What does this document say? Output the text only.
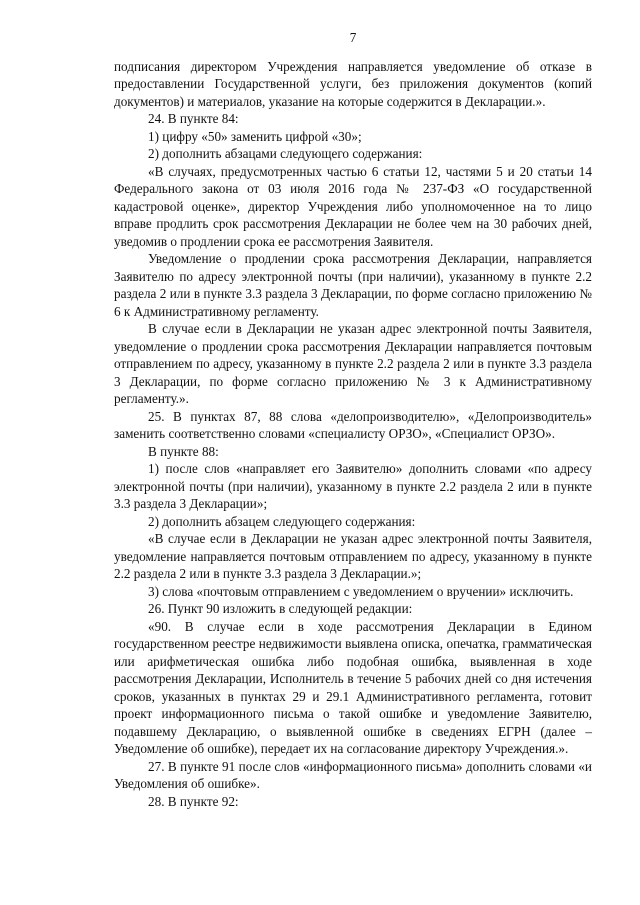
7

подписания директором Учреждения направляется уведомление об отказе в предоставлении Государственной услуги, без приложения документов (копий документов) и материалов, указание на которые содержится в Декларации.».

24. В пункте 84:

1) цифру «50» заменить цифрой «30»;

2) дополнить абзацами следующего содержания:

«В случаях, предусмотренных частью 6 статьи 12, частями 5 и 20 статьи 14 Федерального закона от 03 июля 2016 года № 237-ФЗ «О государственной кадастровой оценке», директор Учреждения либо уполномоченное на то лицо вправе продлить срок рассмотрения Декларации не более чем на 30 рабочих дней, уведомив о продлении срока ее рассмотрения Заявителя.

Уведомление о продлении срока рассмотрения Декларации, направляется Заявителю по адресу электронной почты (при наличии), указанному в пункте 2.2 раздела 2 или в пункте 3.3 раздела 3 Декларации, по форме согласно приложению № 6 к Административному регламенту.

В случае если в Декларации не указан адрес электронной почты Заявителя, уведомление о продлении срока рассмотрения Декларации направляется почтовым отправлением по адресу, указанному в пункте 2.2 раздела 2 или в пункте 3.3 раздела 3 Декларации, по форме согласно приложению № 3 к Административному регламенту.».

25. В пунктах 87, 88 слова «делопроизводителю», «Делопроизводитель» заменить соответственно словами «специалисту ОРЗО», «Специалист ОРЗО».

В пункте 88:

1) после слов «направляет его Заявителю» дополнить словами «по адресу электронной почты (при наличии), указанному в пункте 2.2 раздела 2 или в пункте 3.3 раздела 3 Декларации»;

2) дополнить абзацем следующего содержания:

«В случае если в Декларации не указан адрес электронной почты Заявителя, уведомление направляется почтовым отправлением по адресу, указанному в пункте 2.2 раздела 2 или в пункте 3.3 раздела 3 Декларации.»;

3) слова «почтовым отправлением с уведомлением о вручении» исключить.

26. Пункт 90 изложить в следующей редакции:

«90. В случае если в ходе рассмотрения Декларации в Едином государственном реестре недвижимости выявлена описка, опечатка, грамматическая или арифметическая ошибка либо подобная ошибка, выявленная в ходе рассмотрения Декларации, Исполнитель в течение 5 рабочих дней со дня истечения сроков, указанных в пунктах 29 и 29.1 Административного регламента, готовит проект информационного письма о такой ошибке и уведомление Заявителю, подавшему Декларацию, о выявленной ошибке в сведениях ЕГРН (далее – Уведомление об ошибке), передает их на согласование директору Учреждения.».

27. В пункте 91 после слов «информационного письма» дополнить словами «и Уведомления об ошибке».

28. В пункте 92:
